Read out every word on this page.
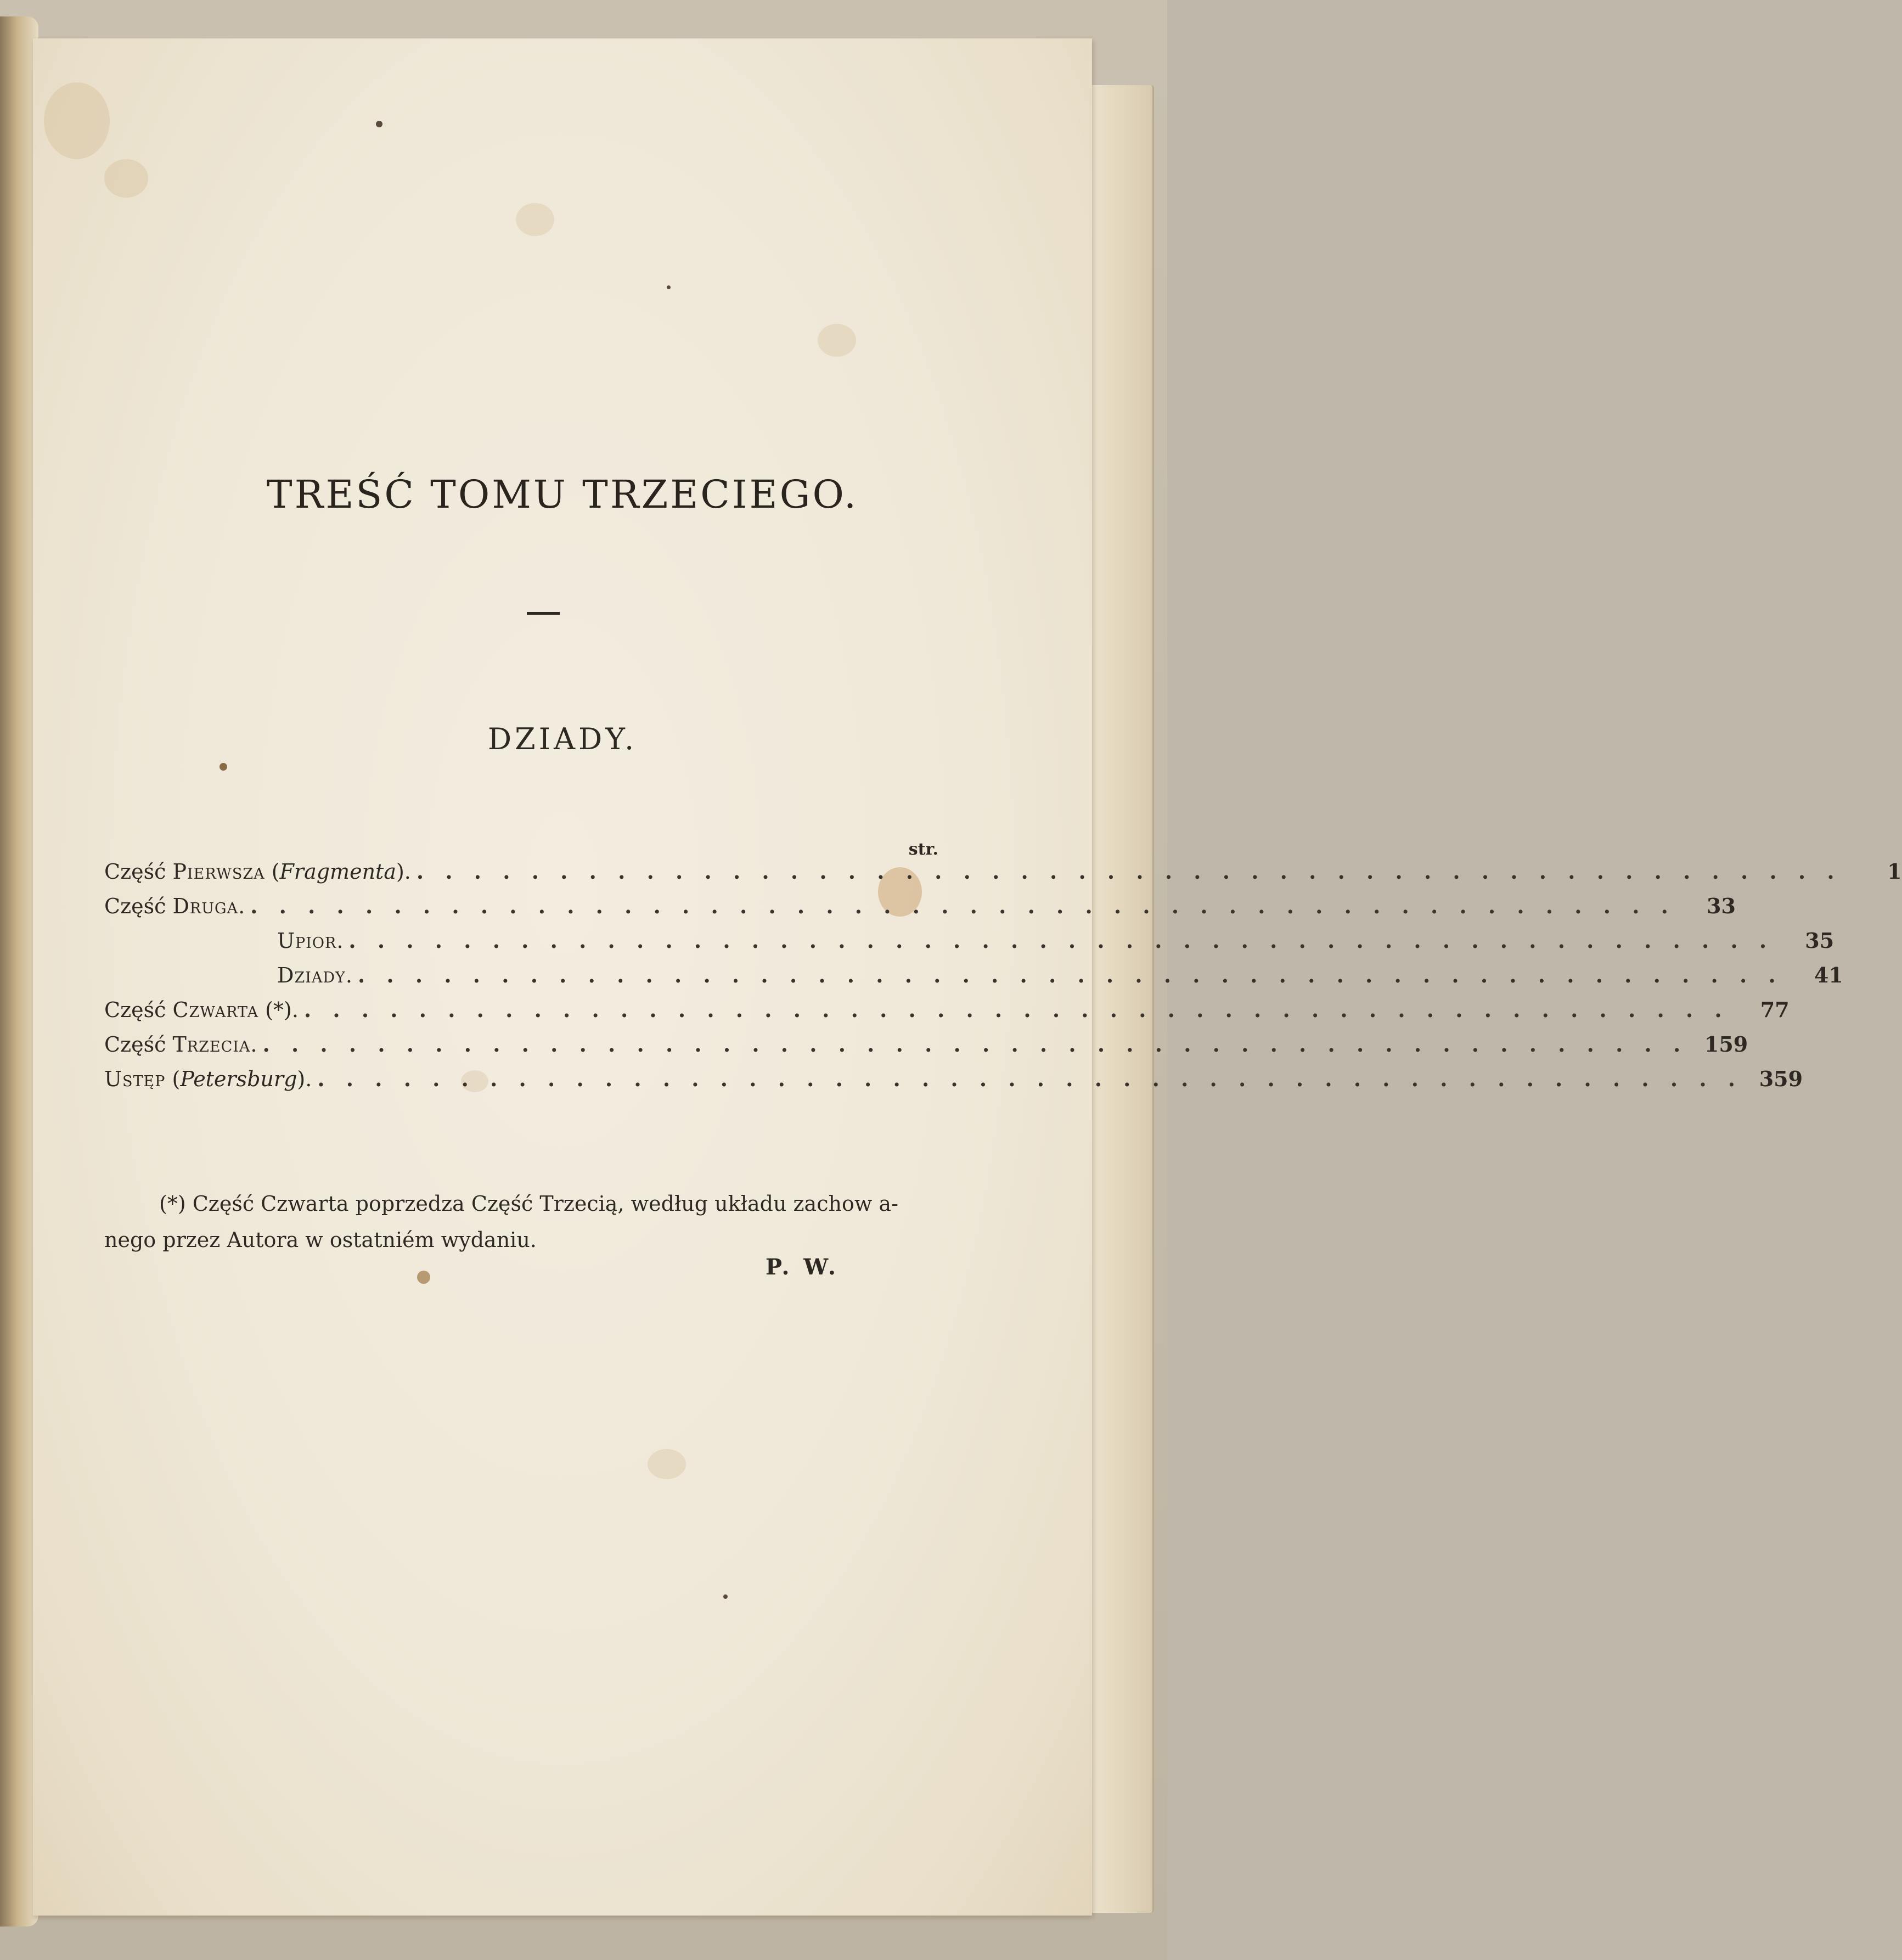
TREŚĆ TOMU TRZECIEGO.
DZIADY.
str.
Część Pierwsza (Fragmenta). . . . . . . . . . . . . . . . . . . . . . . . . . . . . . . . . . . . . . . . . . . . . . . . . . .	1
Część Druga. . . . . . . . . . . . . . . . . . . . . . . . . . . . . . . . . . . . . . . . . . . . . . . . . . .	33
Upior. . . . . . . . . . . . . . . . . . . . . . . . . . . . . . . . . . . . . . . . . . . . . . . . . . .	35
Dziady. . . . . . . . . . . . . . . . . . . . . . . . . . . . . . . . . . . . . . . . . . . . . . . . . . .	41
Część Czwarta (*). . . . . . . . . . . . . . . . . . . . . . . . . . . . . . . . . . . . . . . . . . . . . . . . . . .	77
Część Trzecia. . . . . . . . . . . . . . . . . . . . . . . . . . . . . . . . . . . . . . . . . . . . . . . . . . . 159
Ustęp (Petersburg). . . . . . . . . . . . . . . . . . . . . . . . . . . . . . . . . . . . . . . . . . . . . . . . . . . 359
(*) Część Czwarta poprzedza Część Trzecią, według układu zachow a-
nego przez Autora w ostatniém wydaniu.
P. W.
